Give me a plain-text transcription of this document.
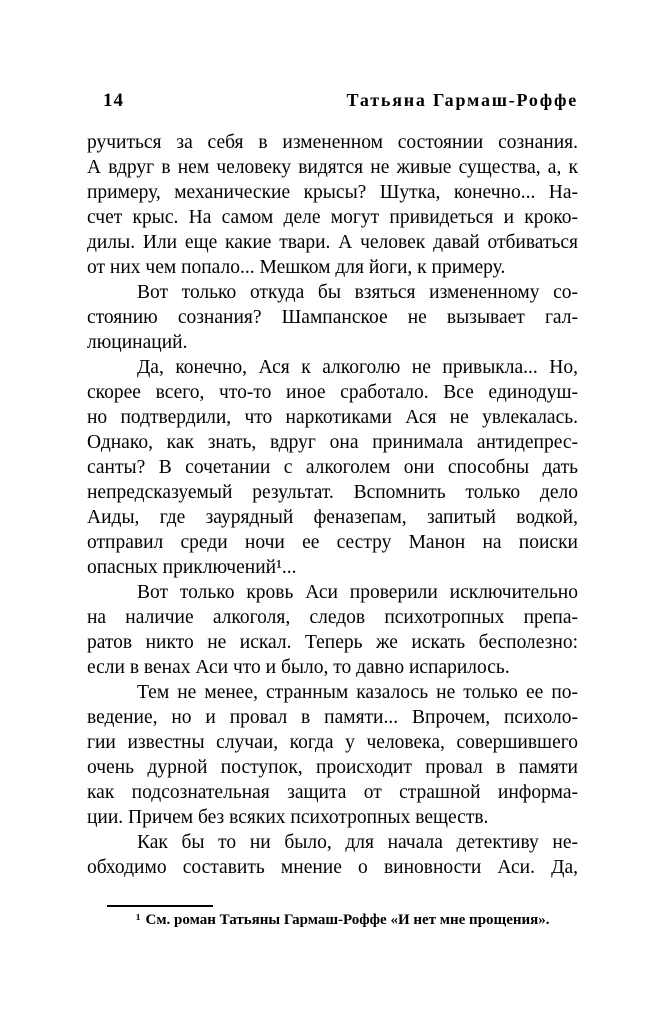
14	Татьяна Гармаш-Роффе
ручиться за себя в измененном состоянии сознания.
А вдруг в нем человеку видятся не живые существа, а, к
примеру, механические крысы? Шутка, конечно... На-
счет крыс. На самом деле могут привидеться и кроко-
дилы. Или еще какие твари. А человек давай отбиваться
от них чем попало... Мешком для йоги, к примеру.
Вот только откуда бы взяться измененному со-
стоянию сознания? Шампанское не вызывает гал-
люцинаций.
Да, конечно, Ася к алкоголю не привыкла... Но,
скорее всего, что-то иное сработало. Все единодуш-
но подтвердили, что наркотиками Ася не увлекалась.
Однако, как знать, вдруг она принимала антидепрес-
санты? В сочетании с алкоголем они способны дать
непредсказуемый результат. Вспомнить только дело
Аиды, где заурядный феназепам, запитый водкой,
отправил среди ночи ее сестру Манон на поиски
опасных приключений¹...
Вот только кровь Аси проверили исключительно
на наличие алкоголя, следов психотропных препа-
ратов никто не искал. Теперь же искать бесполезно:
если в венах Аси что и было, то давно испарилось.
Тем не менее, странным казалось не только ее по-
ведение, но и провал в памяти... Впрочем, психоло-
гии известны случаи, когда у человека, совершившего
очень дурной поступок, происходит провал в памяти
как подсознательная защита от страшной информа-
ции. Причем без всяких психотропных веществ.
Как бы то ни было, для начала детективу не-
обходимо составить мнение о виновности Аси. Да,
¹ См. роман Татьяны Гармаш-Роффе «И нет мне прощения».
